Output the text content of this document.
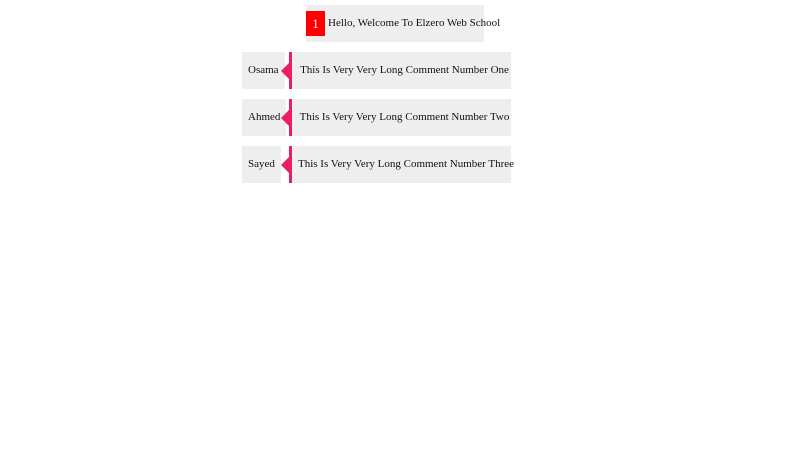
1 Hello, Welcome To Elzero Web School
Osama	This Is Very Very Long Comment Number One
Ahmed	This Is Very Very Long Comment Number Two
Sayed	This Is Very Very Long Comment Number Three
